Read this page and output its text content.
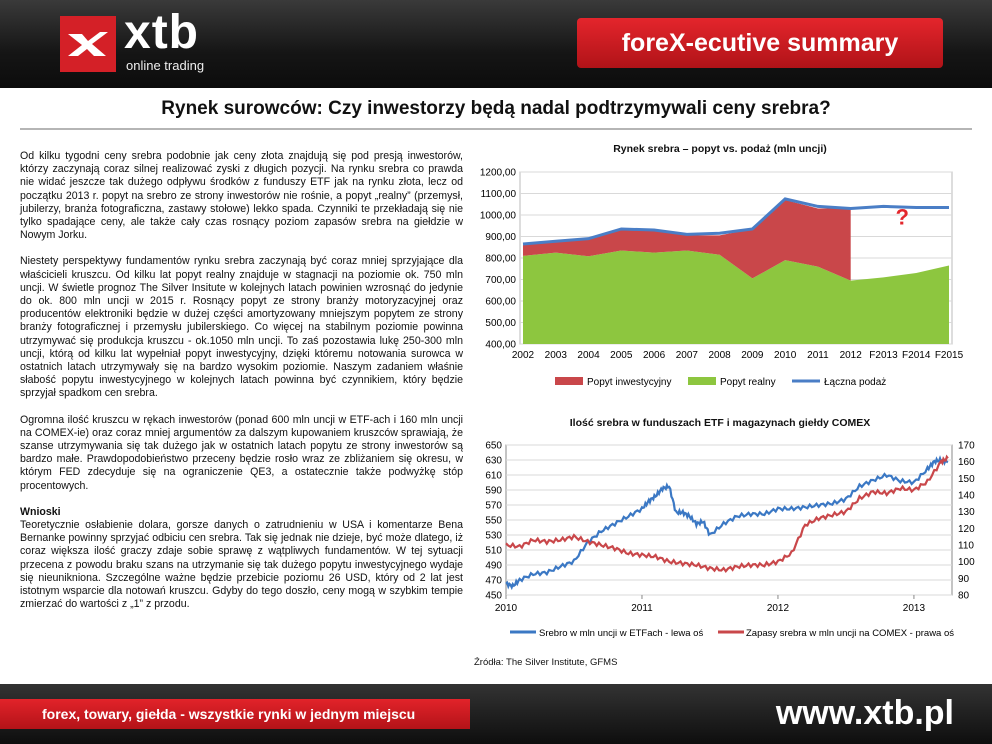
xtb
online trading
foreX-ecutive summary
Rynek surowców: Czy inwestorzy będą nadal podtrzymywali ceny srebra?

Od kilku tygodni ceny srebra podobnie jak ceny złota znajdują się pod presją inwestorów, którzy zaczynają coraz silnej realizować zyski z długich pozycji. Na rynku srebra co prawda nie widać jeszcze tak dużego odpływu środków z funduszy ETF jak na rynku złota, lecz od początku 2013 r. popyt na srebro ze strony inwestorów nie rośnie, a popyt „realny” (przemysł, jubilerzy, branża fotograficzna, zastawy stołowe) lekko spada. Czynniki te przekładają się nie tylko spadające ceny, ale także cały czas rosnący poziom zapasów srebra na giełdzie w Nowym Jorku.

Niestety perspektywy fundamentów rynku srebra zaczynają być coraz mniej sprzyjające dla właścicieli kruszcu. Od kilku lat popyt realny znajduje w stagnacji na poziomie ok. 750 mln uncji. W świetle prognoz The Silver Insitute w kolejnych latach powinien wzrosnąć do jedynie do ok. 800 mln uncji w 2015 r. Rosnący popyt ze strony branży motoryzacyjnej oraz producentów elektroniki będzie w dużej części amortyzowany mniejszym popytem ze strony branży fotograficznej i przemysłu jubilerskiego. Co więcej na stabilnym poziomie powinna utrzymywać się produkcja kruszcu - ok.1050 mln uncji. To zaś pozostawia lukę 250-300 mln uncji, którą od kilku lat wypełniał popyt inwestycyjny, dzięki któremu notowania surowca w ostatnich latach utrzymywały się na bardzo wysokim poziomie. Naszym zadaniem właśnie słabość popytu inwestycyjnego w kolejnych latach powinna być czynnikiem, który będzie sprzyjał spadkom cen srebra.

Ogromna ilość kruszcu w rękach inwestorów (ponad 600 mln uncji w ETF-ach i 160 mln uncji na COMEX-ie) oraz coraz mniej argumentów za dalszym kupowaniem kruszców sprawiają, że szanse utrzymywania się tak dużego jak w ostatnich latach popytu ze strony inwestorów są bardzo małe. Prawdopodobieństwo przeceny będzie rosło wraz ze zbliżaniem się okresu, w którym FED zdecyduje się na ograniczenie QE3, a ostatecznie także podwyżkę stóp procentowych.

Wnioski

Teoretycznie osłabienie dolara, gorsze danych o zatrudnieniu w USA i komentarze Bena Bernanke powinny sprzyjać odbiciu cen srebra. Tak się jednak nie dzieje, być może dlatego, iż coraz większa ilość graczy zdaje sobie sprawę z wątpliwych fundamentów. W tej sytuacji przecena z powodu braku szans na utrzymanie się tak dużego popytu inwestycyjnego wydaje się nieunikniona. Szczególne ważne będzie przebicie poziomu 26 USD, który od 2 lat jest istotnym wsparcie dla notowań kruszcu. Gdyby do tego doszło, ceny mogą w szybkim tempie zmierzać do wartości z „1” z przodu.

Rynek srebra – popyt vs. podaż (mln uncji)
400,00
500,00
600,00
700,00
800,00
900,00
1000,00
1100,00
1200,00
2002 2003 2004 2005 2006 2007 2008 2009 2010 2011 2012 F2013 F2014 F2015
?
Popyt inwestycyjny	Popyt realny	Łączna podaż
Ilość srebra w funduszach ETF i magazynach giełdy COMEX
450
470
490
510
530
550
570
590
610
630
650
80
90
100
110
120
130
140
150
160
170
2010	2011	2012	2013
Srebro w mln uncji w ETFach - lewa oś	Zapasy srebra w mln uncji na COMEX - prawa oś
Źródła: The Silver Institute, GFMS
forex, towary, giełda - wszystkie rynki w jednym miejscu	www.xtb.pl
